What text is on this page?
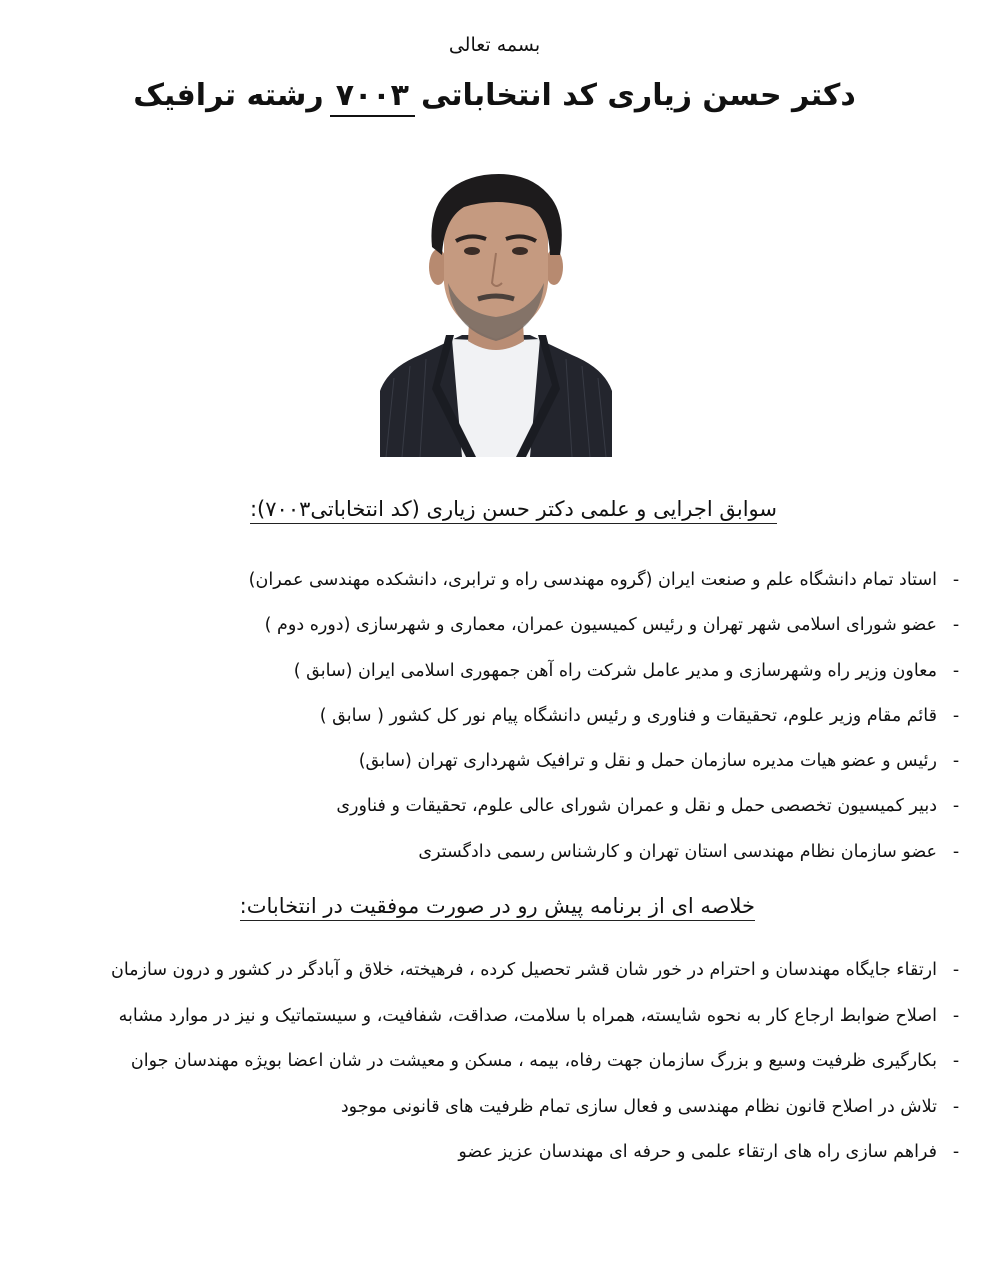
بسمه تعالی
دکتر حسن زیاری کد انتخاباتی۷۰۰۳رشته ترافیک
سوابق اجرایی و علمی دکتر حسن زیاری (کد انتخاباتی۷۰۰۳):
-
استاد تمام دانشگاه علم و صنعت ایران (گروه مهندسی راه و ترابری، دانشکده مهندسی عمران)
-
عضو شورای اسلامی شهر تهران و رئیس کمیسیون عمران، معماری و شهرسازی (دوره دوم )
-
معاون وزیر راه وشهرسازی و مدیر عامل شرکت راه آهن جمهوری اسلامی ایران (سابق )
-
قائم مقام وزیر علوم، تحقیقات و فناوری و رئیس دانشگاه پیام نور کل کشور ( سابق )
-
رئیس و عضو هیات مدیره سازمان حمل و نقل و ترافیک شهرداری تهران (سابق)
-
دبیر کمیسیون تخصصی حمل و نقل و عمران شورای عالی علوم، تحقیقات و فناوری
-
عضو سازمان نظام مهندسی استان تهران و کارشناس رسمی دادگستری
خلاصه ای از برنامه پیش رو در صورت موفقیت در انتخابات:
-
ارتقاء جایگاه مهندسان و احترام در خور شان قشر تحصیل کرده ، فرهیخته، خلاق و آبادگر در کشور و درون سازمان
-
اصلاح ضوابط ارجاع کار به نحوه شایسته، همراه با سلامت، صداقت، شفافیت، و سیستماتیک و نیز در موارد مشابه
-
بکارگیری ظرفیت وسیع و بزرگ سازمان جهت رفاه، بیمه ، مسکن و معیشت در شان اعضا بویژه مهندسان جوان
-
تلاش در اصلاح قانون نظام مهندسی و فعال سازی تمام ظرفیت های قانونی موجود
-
فراهم سازی راه های ارتقاء علمی و حرفه ای مهندسان عزیز عضو
